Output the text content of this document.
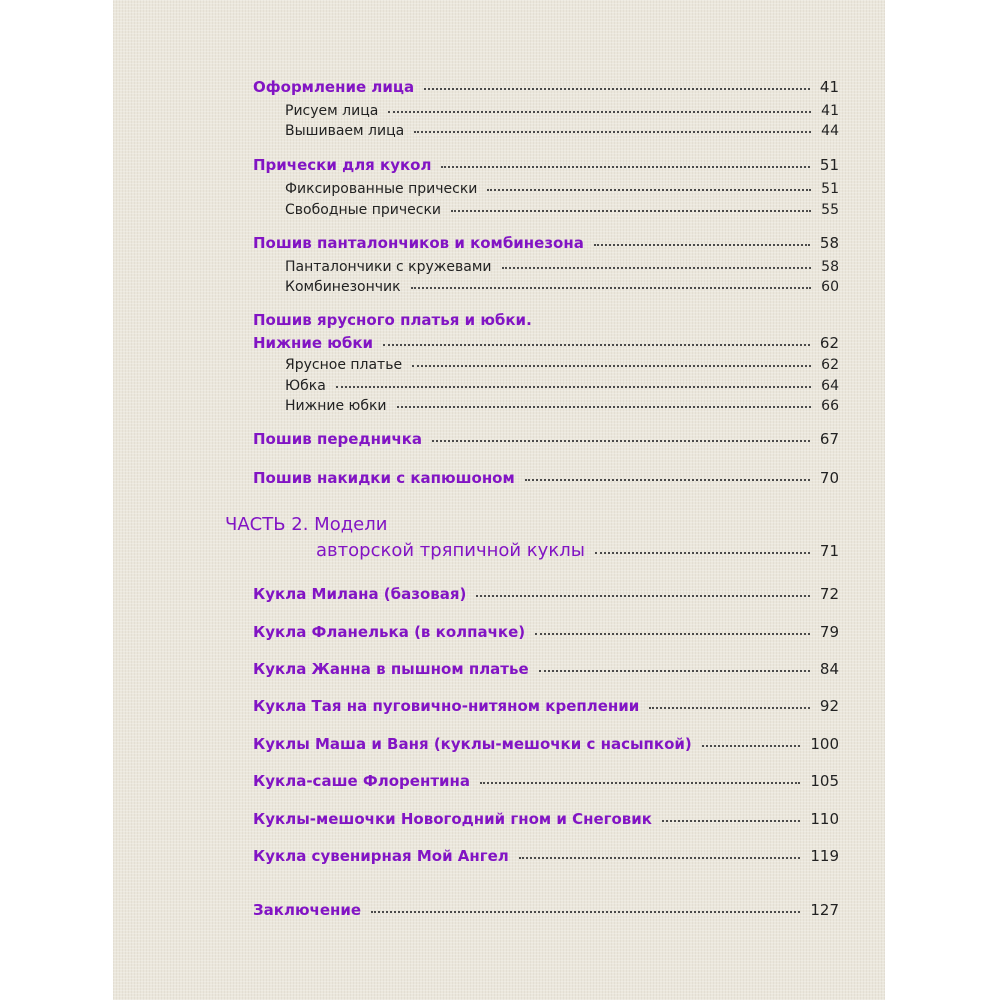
Оформление лица	41
Рисуем лица	41
Вышиваем лица	44
Прически для кукол	51
Фиксированные прически	51
Свободные прически	55
Пошив панталончиков и комбинезона	58
Панталончики с кружевами	58
Комбинезончик	60
Пошив ярусного платья и юбки.
Нижние юбки	62
Ярусное платье	62
Юбка	64
Нижние юбки	66
Пошив передничка	67
Пошив накидки с капюшоном	70
ЧАСТЬ 2. Модели
авторской тряпичной куклы	71
Кукла Милана (базовая)	72
Кукла Фланелька (в колпачке)	79
Кукла Жанна в пышном платье	84
Кукла Тая на пуговично-нитяном креплении	92
Куклы Маша и Ваня (куклы-мешочки с насыпкой)	100
Кукла-саше Флорентина	105
Куклы-мешочки Новогодний гном и Снеговик	110
Кукла сувенирная Мой Ангел	119
Заключение	127
